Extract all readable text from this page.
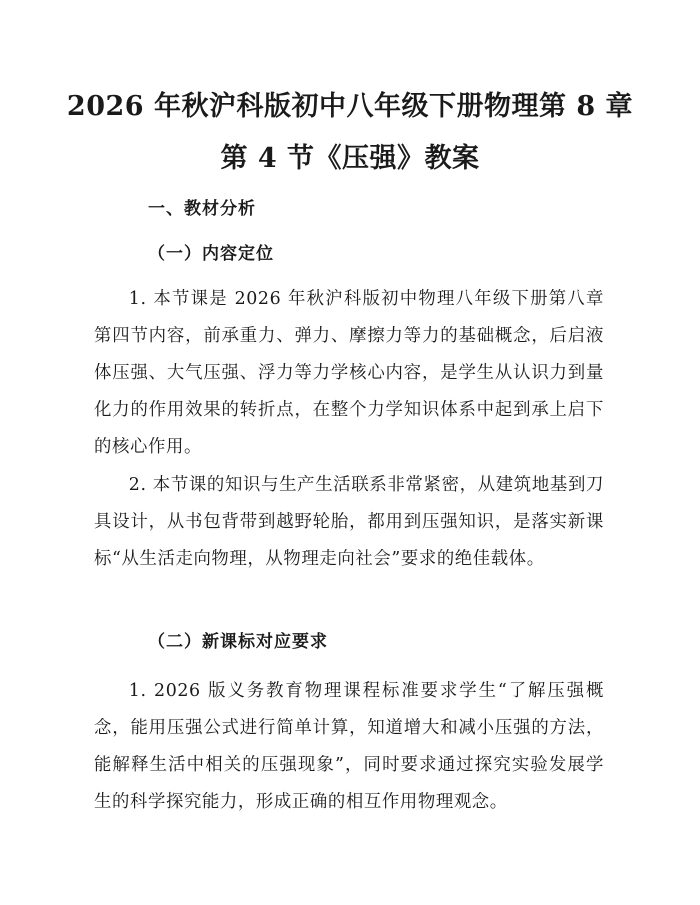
2026 年秋沪科版初中八年级下册物理第 8 章
第 4 节《压强》教案
一、教材分析
（一）内容定位

1. 本节课是 2026 年秋沪科版初中物理八年级下册第八章第四节内容，前承重力、弹力、摩擦力等力的基础概念，后启液体压强、大气压强、浮力等力学核心内容，是学生从认识力到量化力的作用效果的转折点，在整个力学知识体系中起到承上启下的核心作用。

2. 本节课的知识与生产生活联系非常紧密，从建筑地基到刀具设计，从书包背带到越野轮胎，都用到压强知识，是落实新课标“从生活走向物理，从物理走向社会”要求的绝佳载体。

（二）新课标对应要求

1. 2026 版义务教育物理课程标准要求学生“了解压强概念，能用压强公式进行简单计算，知道增大和减小压强的方法，能解释生活中相关的压强现象”，同时要求通过探究实验发展学生的科学探究能力，形成正确的相互作用物理观念。
